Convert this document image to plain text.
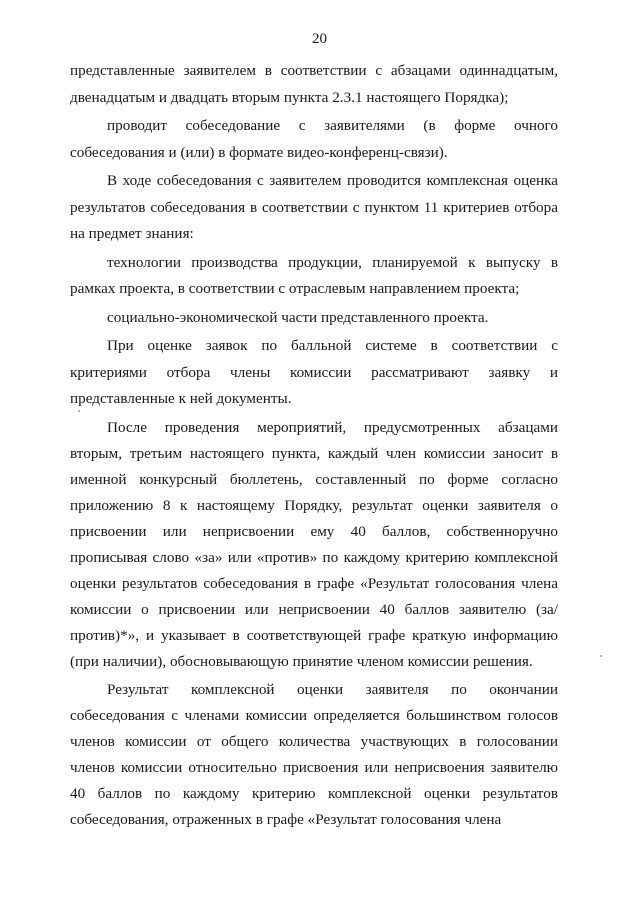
20

представленные заявителем в соответствии с абзацами одиннадцатым, двенадцатым и двадцать вторым пункта 2.3.1 настоящего Порядка);

проводит собеседование с заявителями (в форме очного собеседования и (или) в формате видео-конференц-связи).

В ходе собеседования с заявителем проводится комплексная оценка результатов собеседования в соответствии с пунктом 11 критериев отбора на предмет знания:

технологии производства продукции, планируемой к выпуску в рамках проекта, в соответствии с отраслевым направлением проекта;

социально-экономической части представленного проекта.

При оценке заявок по балльной системе в соответствии с критериями отбора члены комиссии рассматривают заявку и представленные к ней документы.

После проведения мероприятий, предусмотренных абзацами вторым, третьим настоящего пункта, каждый член комиссии заносит в именной конкурсный бюллетень, составленный по форме согласно приложению 8 к настоящему Порядку, результат оценки заявителя о присвоении или неприсвоении ему 40 баллов, собственноручно прописывая слово «за» или «против» по каждому критерию комплексной оценки результатов собеседования в графе «Результат голосования члена комиссии о присвоении или неприсвоении 40 баллов заявителю (за/против)*», и указывает в соответствующей графе краткую информацию (при наличии), обосновывающую принятие членом комиссии решения.

Результат комплексной оценки заявителя по окончании собеседования с членами комиссии определяется большинством голосов членов комиссии от общего количества участвующих в голосовании членов комиссии относительно присвоения или неприсвоения заявителю 40 баллов по каждому критерию комплексной оценки результатов собеседования, отраженных в графе «Результат голосования члена
